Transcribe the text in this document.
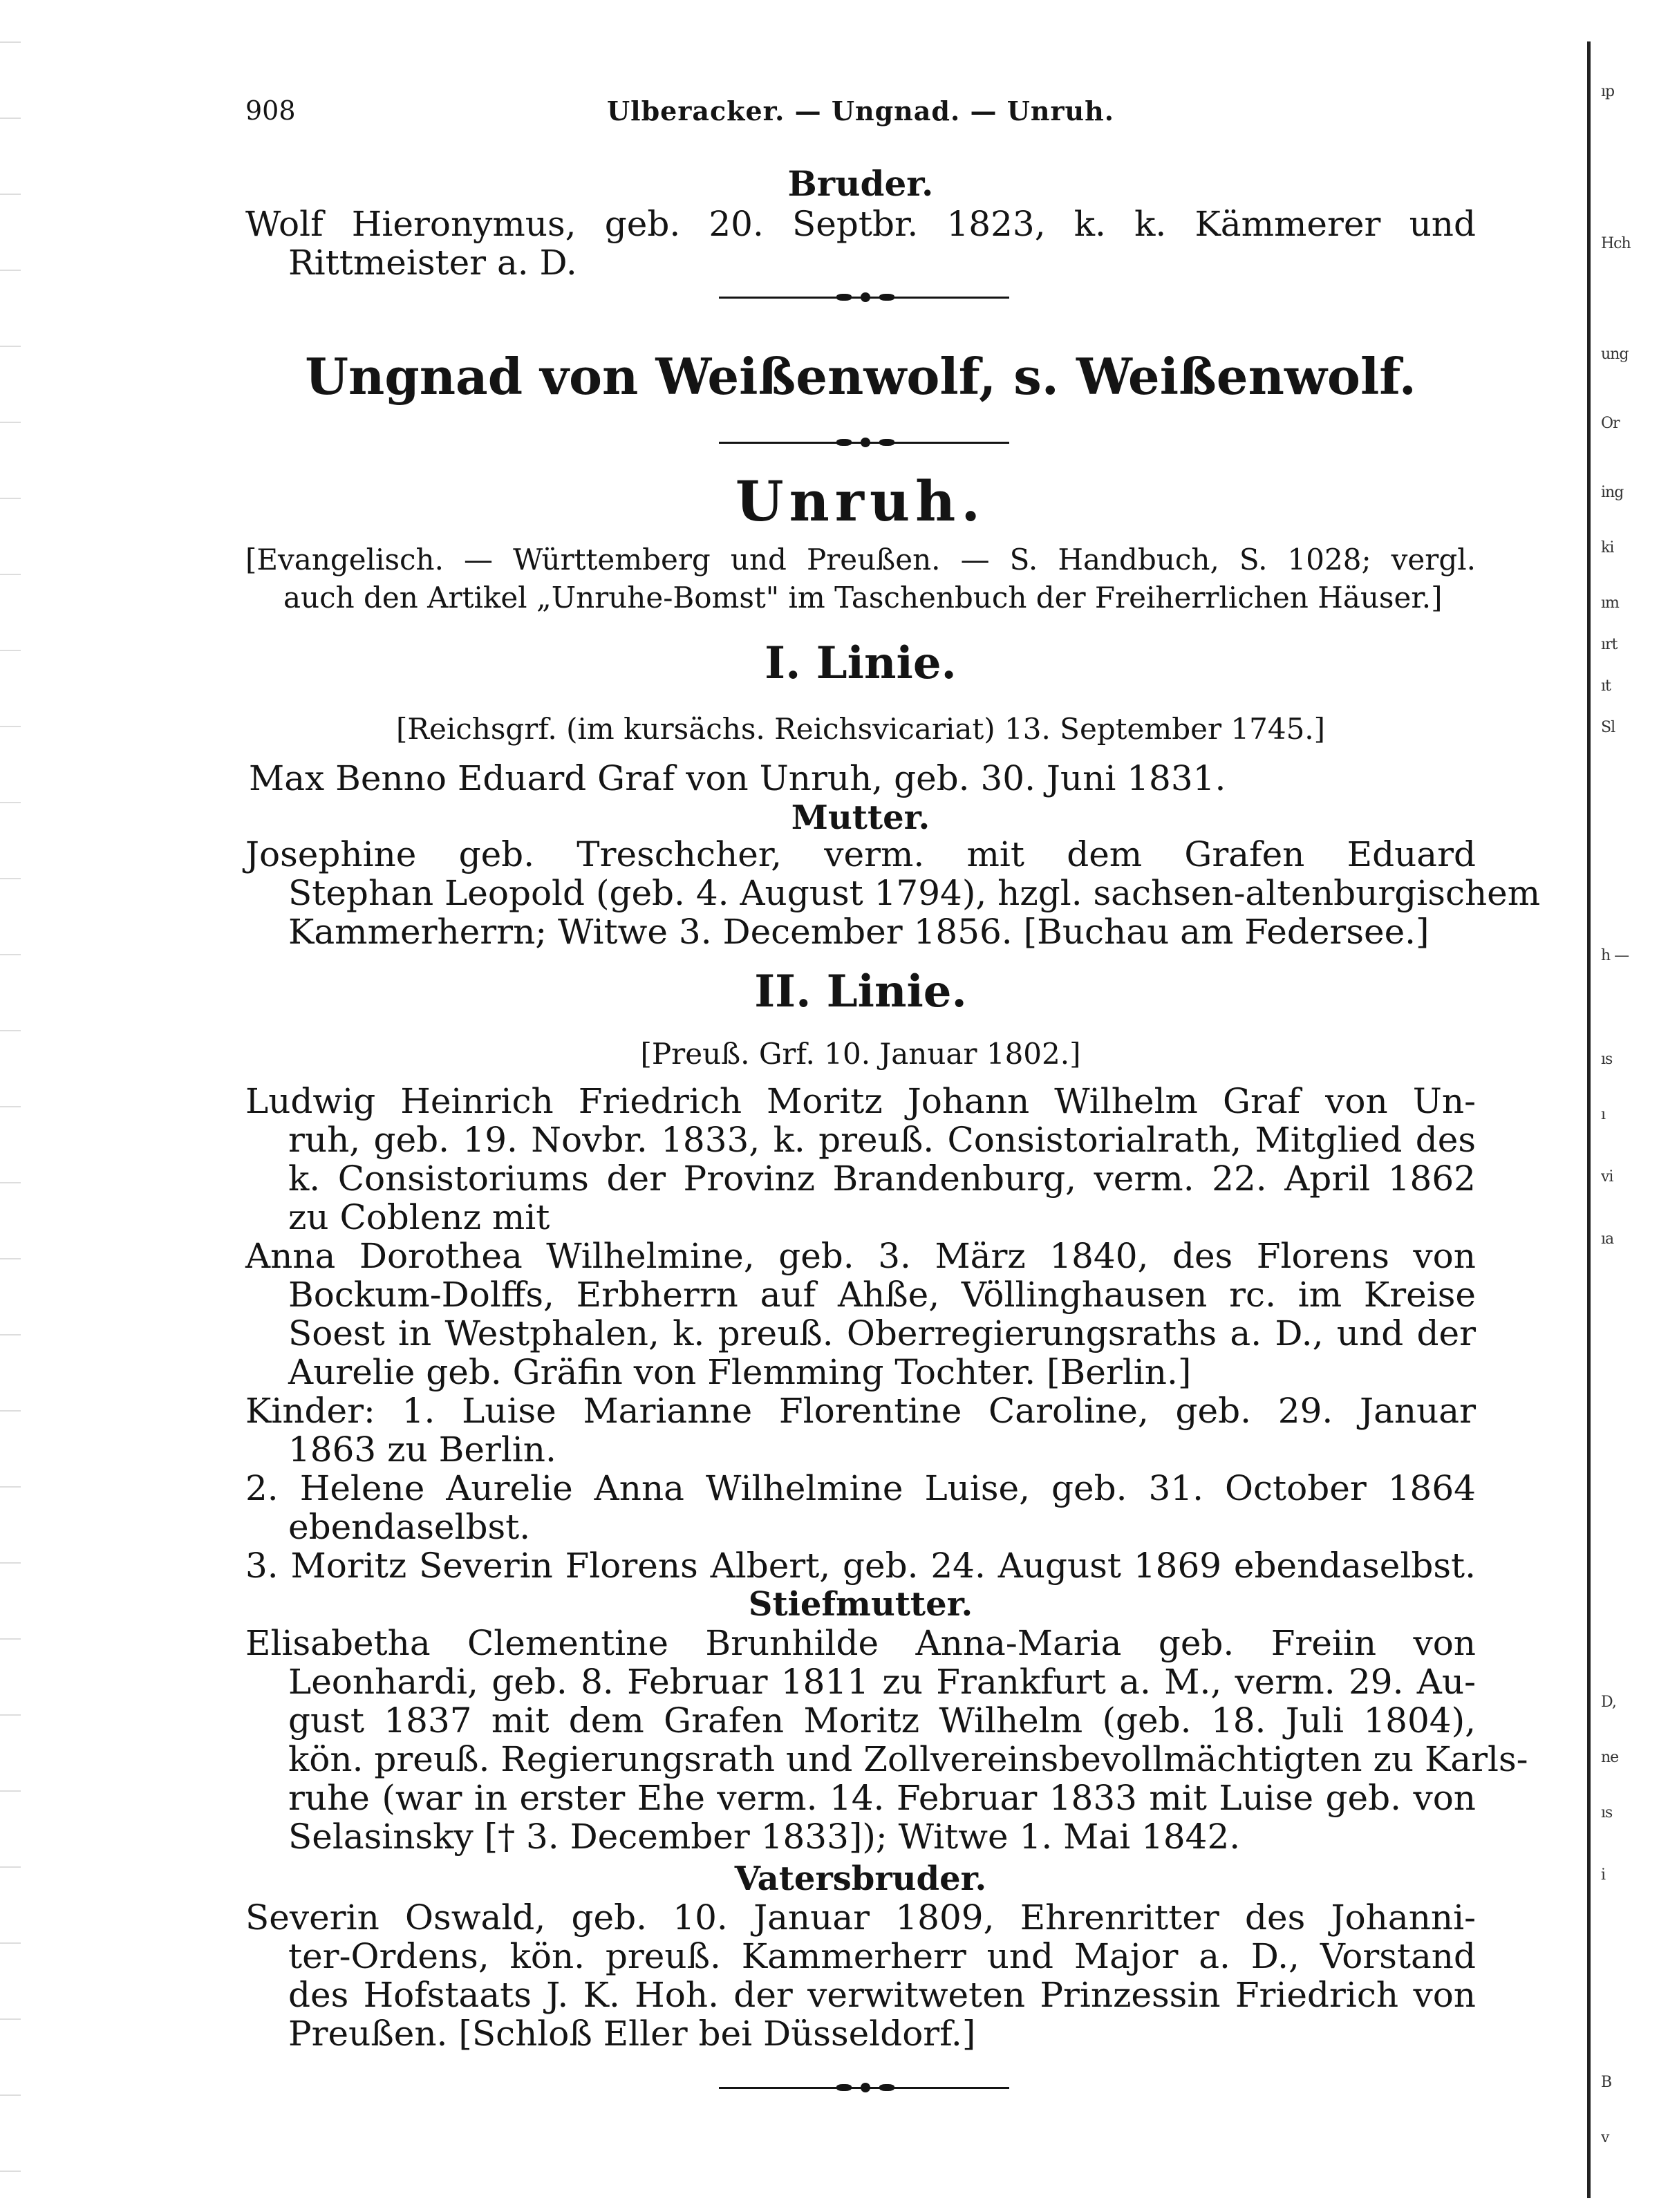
ıp
Hch
ung
Or
ing
ki
ım
ırt
ıt
Sl
h —
ıs
ı
vi
ıa
D,
ne
ıs
i
B
v
908	Ulberacker. — Ungnad. — Unruh.
Bruder.
Wolf Hieronymus, geb. 20. Septbr. 1823, k. k. Kämmerer und
Rittmeister a. D.
Ungnad von Weißenwolf, s. Weißenwolf.
Unruh.
[Evangelisch. — Württemberg und Preußen. — S. Handbuch, S. 1028; vergl.
auch den Artikel „Unruhe-Bomst" im Taschenbuch der Freiherrlichen Häuser.]
I. Linie.
[Reichsgrf. (im kursächs. Reichsvicariat) 13. September 1745.]
Max Benno Eduard Graf von Unruh, geb. 30. Juni 1831.
Mutter.
Josephine geb. Treschcher, verm. mit dem Grafen Eduard
Stephan Leopold (geb. 4. August 1794), hzgl. sachsen-altenburgischem
Kammerherrn; Witwe 3. December 1856. [Buchau am Federsee.]
II. Linie.
[Preuß. Grf. 10. Januar 1802.]
Ludwig Heinrich Friedrich Moritz Johann Wilhelm Graf von Un-
ruh, geb. 19. Novbr. 1833, k. preuß. Consistorialrath, Mitglied des
k. Consistoriums der Provinz Brandenburg, verm. 22. April 1862
zu Coblenz mit
Anna Dorothea Wilhelmine, geb. 3. März 1840, des Florens von
Bockum-Dolffs, Erbherrn auf Ahße, Völlinghausen rc. im Kreise
Soest in Westphalen, k. preuß. Oberregierungsraths a. D., und der
Aurelie geb. Gräfin von Flemming Tochter. [Berlin.]
Kinder: 1. Luise Marianne Florentine Caroline, geb. 29. Januar
1863 zu Berlin.
2. Helene Aurelie Anna Wilhelmine Luise, geb. 31. October 1864
ebendaselbst.
3. Moritz Severin Florens Albert, geb. 24. August 1869 ebendaselbst.
Stiefmutter.
Elisabetha Clementine Brunhilde Anna-Maria geb. Freiin von
Leonhardi, geb. 8. Februar 1811 zu Frankfurt a. M., verm. 29. Au-
gust 1837 mit dem Grafen Moritz Wilhelm (geb. 18. Juli 1804),
kön. preuß. Regierungsrath und Zollvereinsbevollmächtigten zu Karls-
ruhe (war in erster Ehe verm. 14. Februar 1833 mit Luise geb. von
Selasinsky [† 3. December 1833]); Witwe 1. Mai 1842.
Vatersbruder.
Severin Oswald, geb. 10. Januar 1809, Ehrenritter des Johanni-
ter-Ordens, kön. preuß. Kammerherr und Major a. D., Vorstand
des Hofstaats J. K. Hoh. der verwitweten Prinzessin Friedrich von
Preußen. [Schloß Eller bei Düsseldorf.]
